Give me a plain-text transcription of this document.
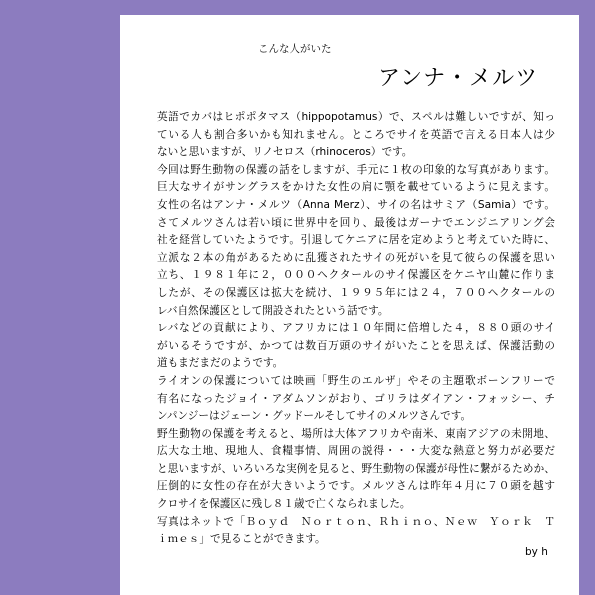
こんな人がいた
アンナ・メルツ
英語でカバはヒポポタマス（hippopotamus）で、スペルは難しいですが、知っ
ている人も割合多いかも知れません。ところでサイを英語で言える日本人は少
ないと思いますが、リノセロス（rhinoceros）です。
今回は野生動物の保護の話をしますが、手元に１枚の印象的な写真があります。
巨大なサイがサングラスをかけた女性の肩に顎を載せているように見えます。
女性の名はアンナ・メルツ（Anna Merz）、サイの名はサミア（Samia）です。
さてメルツさんは若い頃に世界中を回り、最後はガーナでエンジニアリング会
社を経営していたようです。引退してケニアに居を定めようと考えていた時に、
立派な２本の角があるために乱獲されたサイの死がいを見て彼らの保護を思い
立ち、１９８１年に２，０００ヘクタールのサイ保護区をケニヤ山麓に作りま
したが、その保護区は拡大を続け、１９９５年には２４，７００ヘクタールの
レバ自然保護区として開設されたという話です。
レバなどの貢献により、アフリカには１０年間に倍増した４，８８０頭のサイ
がいるそうですが、かつては数百万頭のサイがいたことを思えば、保護活動の
道もまだまだのようです。
ライオンの保護については映画「野生のエルザ」やその主題歌ボーンフリーで
有名になったジョイ・アダムソンがおり、ゴリラはダイアン・フォッシー、チ
ンパンジーはジェーン・グッドールそしてサイのメルツさんです。
野生動物の保護を考えると、場所は大体アフリカや南米、東南アジアの未開地、
広大な土地、現地人、食糧事情、周囲の説得・・・大変な熱意と努力が必要だ
と思いますが、いろいろな実例を見ると、野生動物の保護が母性に繋がるためか、
圧倒的に女性の存在が大きいようです。メルツさんは昨年４月に７０頭を越す
クロサイを保護区に残し８１歳で亡くなられました。
写真はネットで「Ｂｏｙｄ　Ｎｏｒｔｏｎ、Ｒｈｉｎｏ、Ｎｅｗ　Ｙｏｒｋ　Ｔ
ｉｍｅｓ」で見ることができます。
by h
